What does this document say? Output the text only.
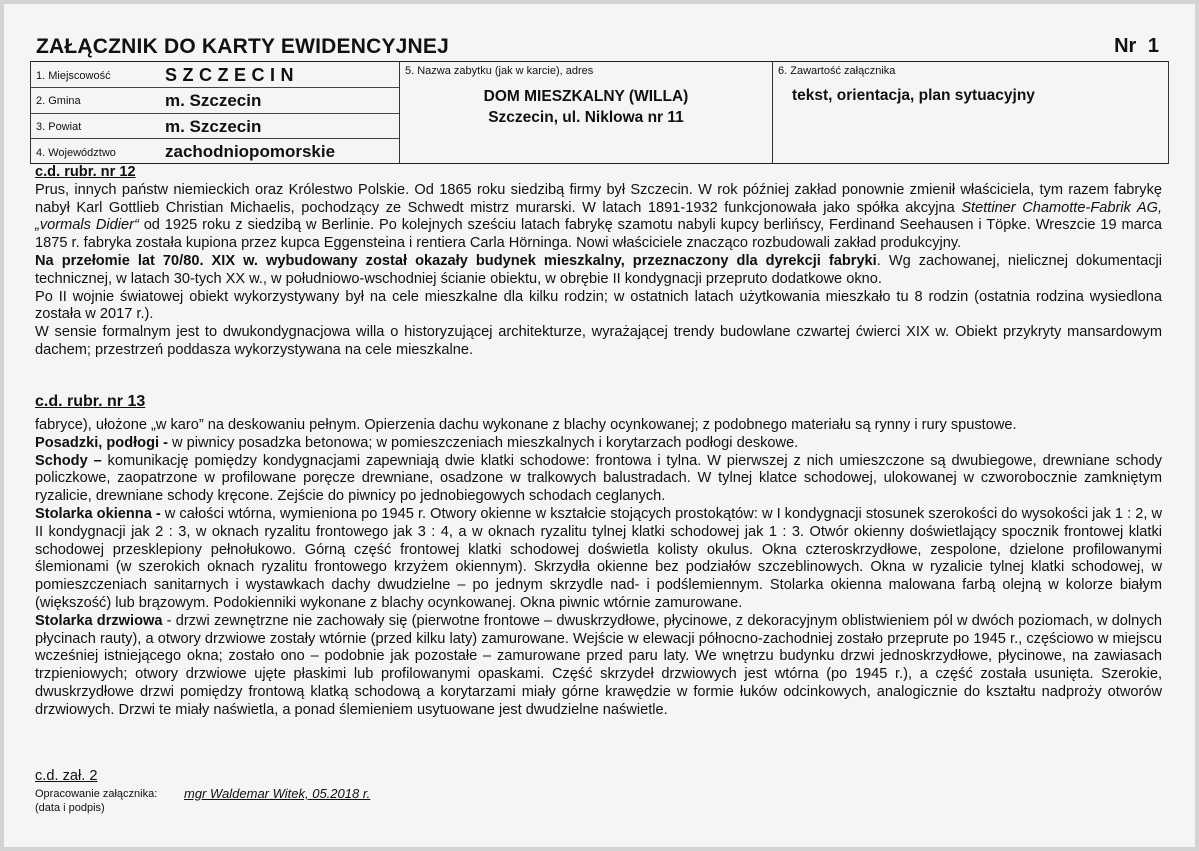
ZAŁĄCZNIK DO KARTY EWIDENCYJNEJ	Nr 1
1. Miejscowość	SZCZECIN
2. Gmina	m. Szczecin
3. Powiat	m. Szczecin
4. Województwo	zachodniopomorskie
5. Nazwa zabytku (jak w karcie), adres
DOM MIESZKALNY (WILLA)
Szczecin, ul. Niklowa nr 11
6. Zawartość załącznika
tekst, orientacja, plan sytuacyjny

c.d. rubr. nr 12

Prus, innych państw niemieckich oraz Królestwo Polskie. Od 1865 roku siedzibą firmy był Szczecin. W rok później zakład ponownie zmienił właściciela, tym razem fabrykę nabył Karl Gottlieb Christian Michaelis, pochodzący ze Schwedt mistrz murarski. W latach 1891-1932 funkcjonowała jako spółka akcyjna Stettiner Chamotte-Fabrik AG, „vormals Didier“ od 1925 roku z siedzibą w Berlinie. Po kolejnych sześciu latach fabrykę szamotu nabyli kupcy berlińscy, Ferdinand Seehausen i Töpke. Wreszcie 19 marca 1875 r. fabryka została kupiona przez kupca Eggensteina i rentiera Carla Hörninga. Nowi właściciele znacząco rozbudowali zakład produkcyjny.

Na przełomie lat 70/80. XIX w. wybudowany został okazały budynek mieszkalny, przeznaczony dla dyrekcji fabryki. Wg zachowanej, nielicznej dokumentacji technicznej, w latach 30-tych XX w., w południowo-wschodniej ścianie obiektu, w obrębie II kondygnacji przepruto dodatkowe okno.

Po II wojnie światowej obiekt wykorzystywany był na cele mieszkalne dla kilku rodzin; w ostatnich latach użytkowania mieszkało tu 8 rodzin (ostatnia rodzina wysiedlona została w 2017 r.).

W sensie formalnym jest to dwukondygnacjowa willa o historyzującej architekturze, wyrażającej trendy budowlane czwartej ćwierci XIX w. Obiekt przykryty mansardowym dachem; przestrzeń poddasza wykorzystywana na cele mieszkalne.

c.d. rubr. nr 13

fabryce), ułożone „w karo” na deskowaniu pełnym. Opierzenia dachu wykonane z blachy ocynkowanej; z podobnego materiału są rynny i rury spustowe.

Posadzki, podłogi - w piwnicy posadzka betonowa; w pomieszczeniach mieszkalnych i korytarzach podłogi deskowe.

Schody – komunikację pomiędzy kondygnacjami zapewniają dwie klatki schodowe: frontowa i tylna. W pierwszej z nich umieszczone są dwubiegowe, drewniane schody policzkowe, zaopatrzone w profilowane poręcze drewniane, osadzone w tralkowych balustradach. W tylnej klatce schodowej, ulokowanej w czworobocznie zamkniętym ryzalicie, drewniane schody kręcone. Zejście do piwnicy po jednobiegowych schodach ceglanych.

Stolarka okienna - w całości wtórna, wymieniona po 1945 r. Otwory okienne w kształcie stojących prostokątów: w I kondygnacji stosunek szerokości do wysokości jak 1 : 2, w II kondygnacji jak 2 : 3, w oknach ryzalitu frontowego jak 3 : 4, a w oknach ryzalitu tylnej klatki schodowej jak 1 : 3. Otwór okienny doświetlający spocznik frontowej klatki schodowej przesklepiony pełnołukowo. Górną część frontowej klatki schodowej doświetla kolisty okulus. Okna czteroskrzydłowe, zespolone, dzielone profilowanymi ślemionami (w szerokich oknach ryzalitu frontowego krzyżem okiennym). Skrzydła okienne bez podziałów szczeblinowych. Okna w ryzalicie tylnej klatki schodowej, w pomieszczeniach sanitarnych i wystawkach dachy dwudzielne – po jednym skrzydle nad- i podślemiennym. Stolarka okienna malowana farbą olejną w kolorze białym (większość) lub brązowym. Podokienniki wykonane z blachy ocynkowanej. Okna piwnic wtórnie zamurowane.

Stolarka drzwiowa - drzwi zewnętrzne nie zachowały się (pierwotne frontowe – dwuskrzydłowe, płycinowe, z dekoracyjnym oblistwieniem pól w dwóch poziomach, w dolnych płycinach rauty), a otwory drzwiowe zostały wtórnie (przed kilku laty) zamurowane. Wejście w elewacji północno-zachodniej zostało przeprute po 1945 r., częściowo w miejscu wcześniej istniejącego okna; zostało ono – podobnie jak pozostałe – zamurowane przed paru laty. We wnętrzu budynku drzwi jednoskrzydłowe, płycinowe, na zawiasach trzpieniowych; otwory drzwiowe ujęte płaskimi lub profilowanymi opaskami. Część skrzydeł drzwiowych jest wtórna (po 1945 r.), a część została usunięta. Szerokie, dwuskrzydłowe drzwi pomiędzy frontową klatką schodową a korytarzami miały górne krawędzie w formie łuków odcinkowych, analogicznie do kształtu nadproży otworów drzwiowych. Drzwi te miały naświetla, a ponad ślemieniem usytuowane jest dwudzielne naświetle.

c.d. zał. 2
Opracowanie załącznika:
(data i podpis)
mgr Waldemar Witek, 05.2018 r.
